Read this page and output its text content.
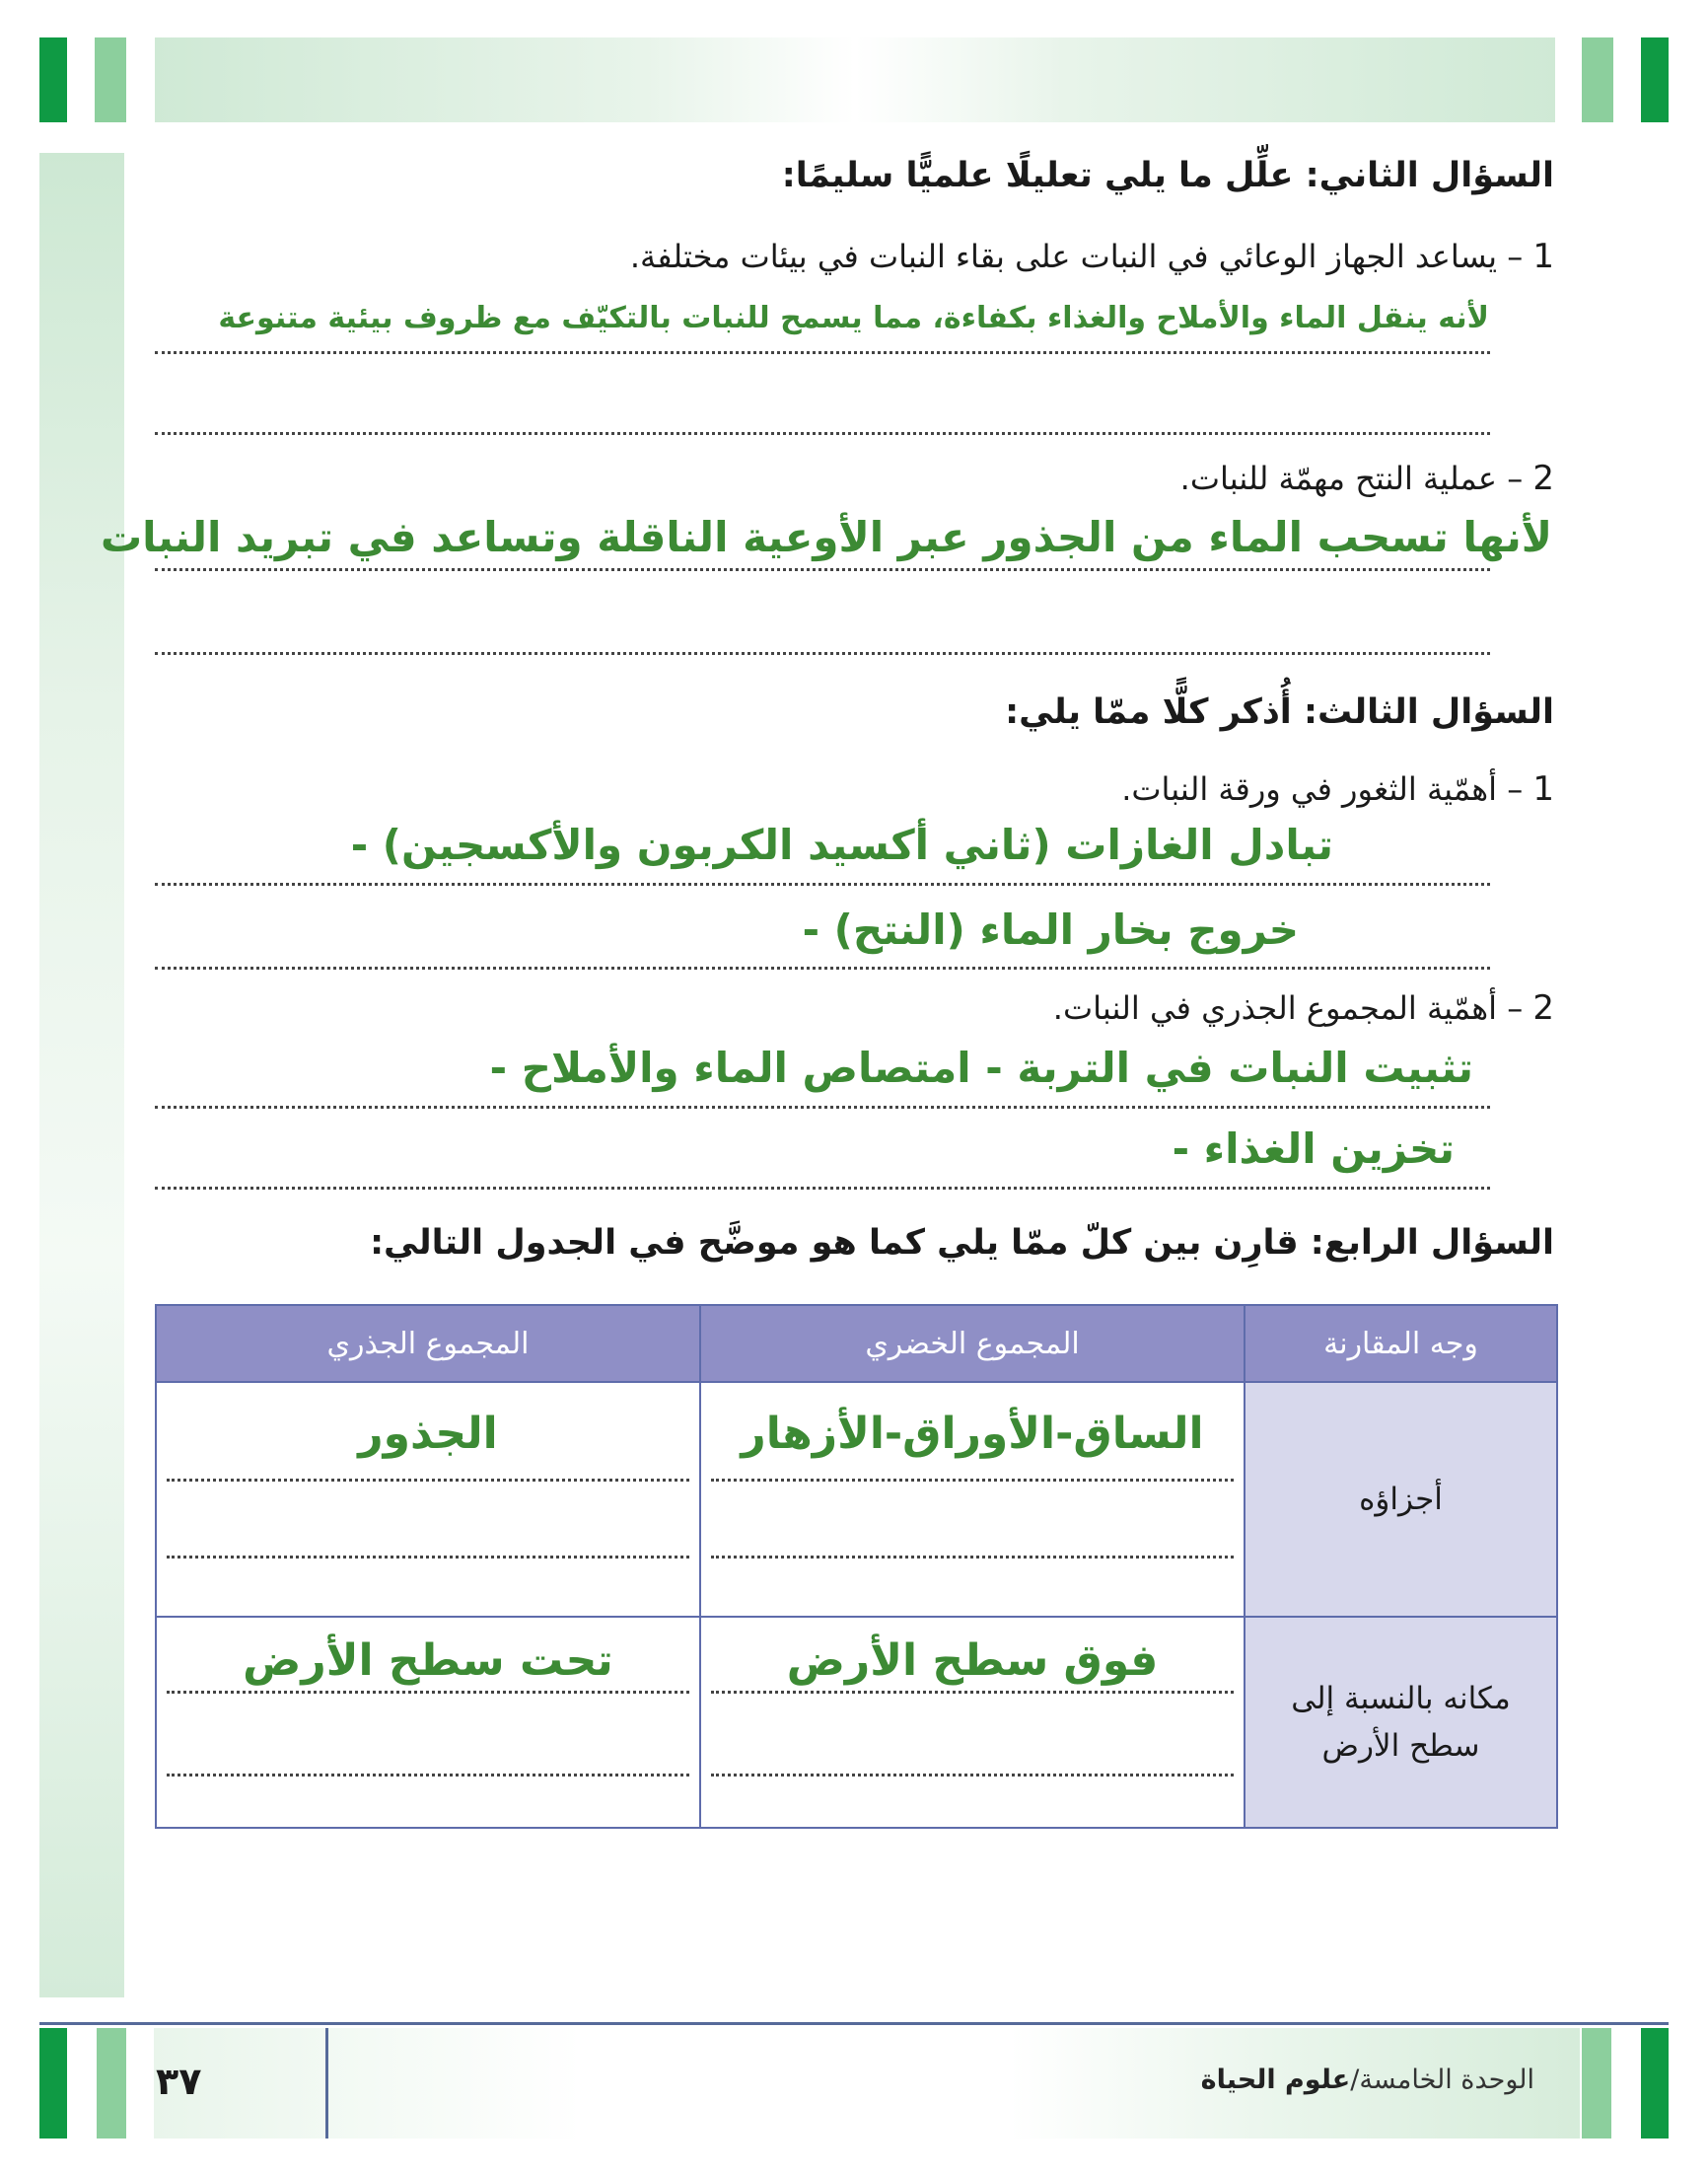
السؤال الثاني: علِّل ما يلي تعليلًا علميًّا سليمًا:
1 – يساعد الجهاز الوعائي في النبات على بقاء النبات في بيئات مختلفة.
لأنه ينقل الماء والأملاح والغذاء بكفاءة، مما يسمح للنبات بالتكيّف مع ظروف بيئية متنوعة
2 – عملية النتح مهمّة للنبات.
لأنها تسحب الماء من الجذور عبر الأوعية الناقلة وتساعد في تبريد النبات
السؤال الثالث: أُذكر كلًّا ممّا يلي:
1 – أهمّية الثغور في ورقة النبات.
تبادل الغازات (ثاني أكسيد الكربون والأكسجين) -
خروج بخار الماء (النتح) -
2 – أهمّية المجموع الجذري في النبات.
تثبيت النبات في التربة - امتصاص الماء والأملاح -
تخزين الغذاء -
السؤال الرابع: قارِن بين كلّ ممّا يلي كما هو موضَّح في الجدول التالي:
وجه المقارنة	المجموع الخضري	المجموع الجذري
أجزاؤه	الساق-الأوراق-الأزهار	الجذور

مكانه بالنسبة إلى
سطح الأرض	فوق سطح الأرض	تحت سطح الأرض
٣٧	الوحدة الخامسة/علوم الحياة
